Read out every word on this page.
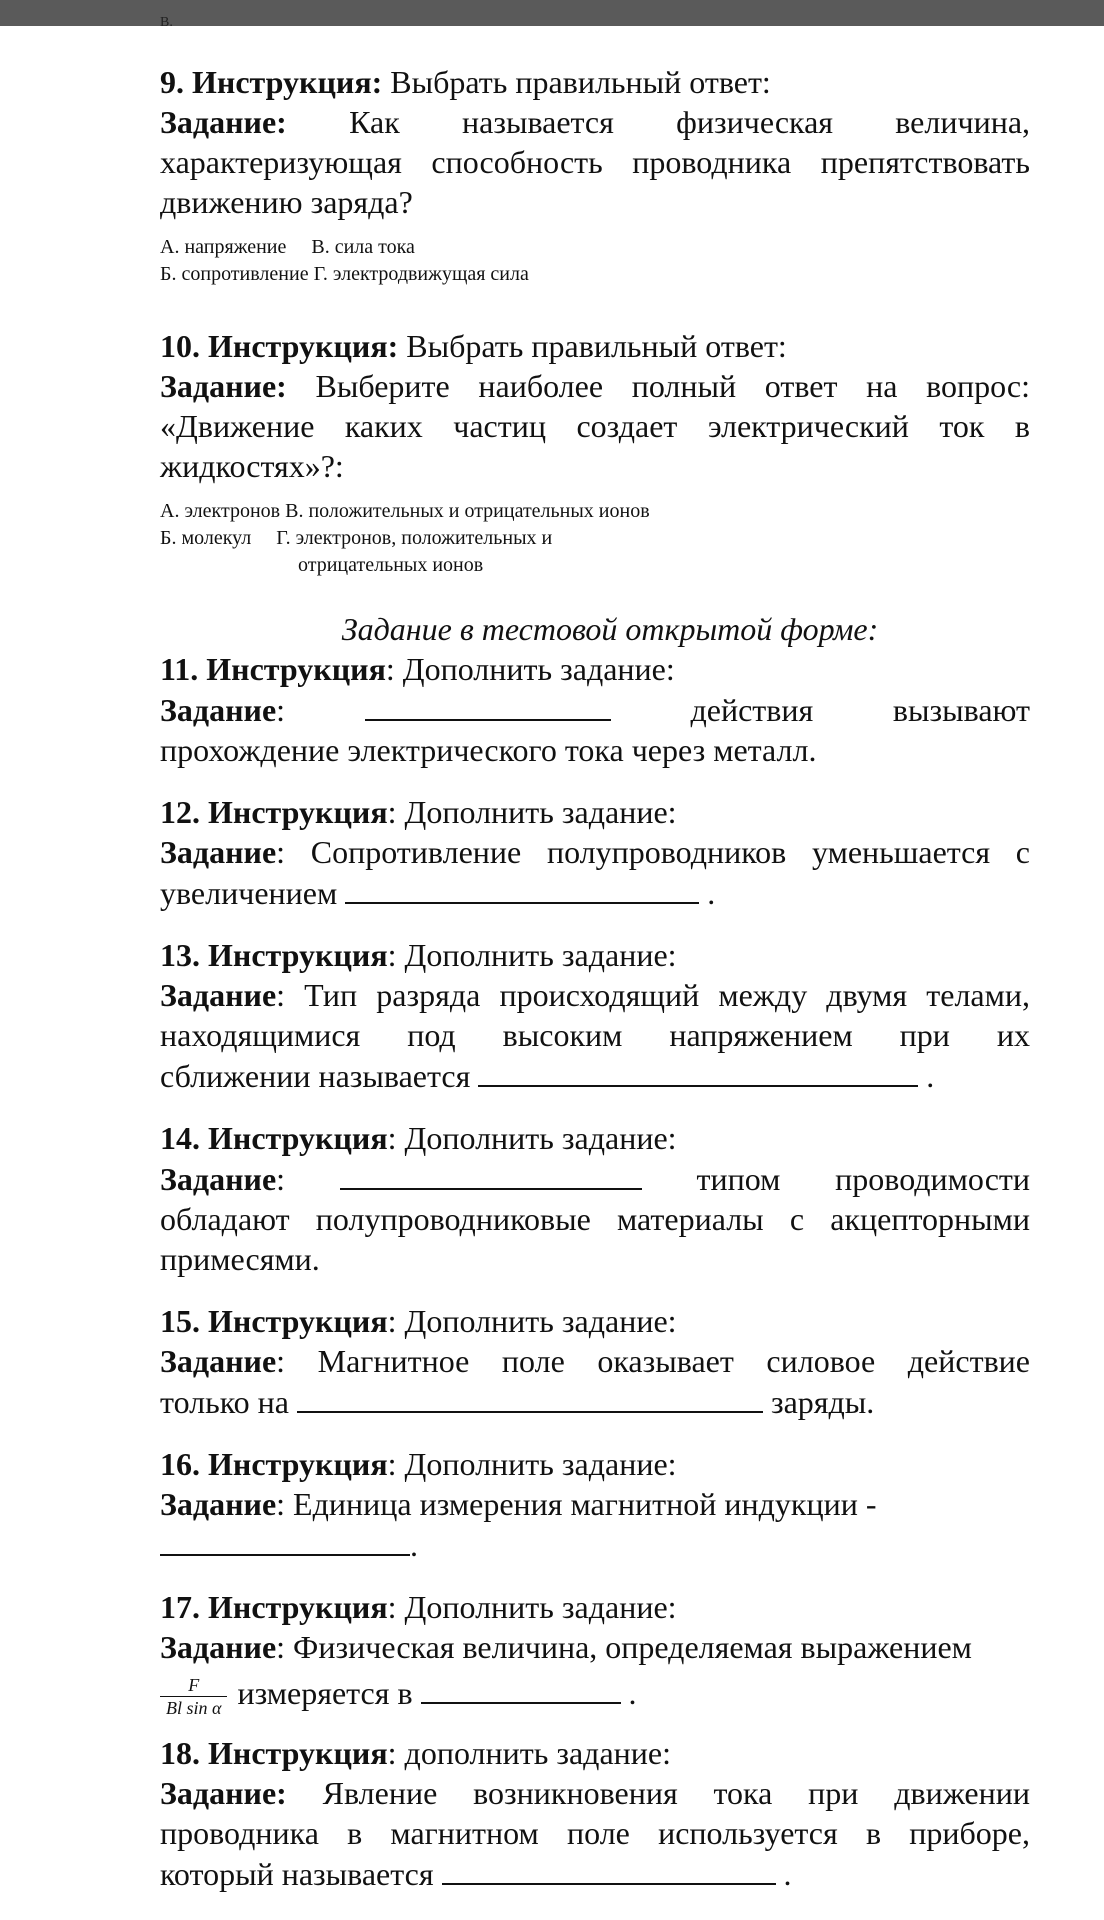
В.
9. Инструкция: Выбрать правильный ответ:
Задание: Как называется физическая величина,
характеризующая способность проводника препятствовать
движению заряда?
А. напряжение     В. сила тока
Б. сопротивление Г. электродвижущая сила
10. Инструкция: Выбрать правильный ответ:
Задание: Выберите наиболее полный ответ на вопрос:
«Движение каких частиц создает электрический ток в
жидкостях»?:
А. электронов В. положительных и отрицательных ионов
Б. молекул     Г. электронов, положительных и
отрицательных ионов
Задание в тестовой открытой форме:
11. Инструкция: Дополнить задание:
Задание:	действия вызывают
прохождение электрического тока через металл.
12. Инструкция: Дополнить задание:
Задание: Сопротивление полупроводников уменьшается с
увеличением	.
13. Инструкция: Дополнить задание:
Задание: Тип разряда происходящий между двумя телами,
находящимися под высоким напряжением при их
сближении называется	.
14. Инструкция: Дополнить задание:
Задание:	типом проводимости
обладают полупроводниковые материалы с акцепторными
примесями.
15. Инструкция: Дополнить задание:
Задание: Магнитное поле оказывает силовое действие
только на	заряды.
16. Инструкция: Дополнить задание:
Задание: Единица измерения магнитной индукции -
.
17. Инструкция: Дополнить задание:
Задание: Физическая величина, определяемая выражением
$\frac{F}{\text{Bl sin α}}$ измеряется в	.
18. Инструкция: дополнить задание:
Задание: Явление возникновения тока при движении
проводника в магнитном поле используется в приборе,
который называется	.
